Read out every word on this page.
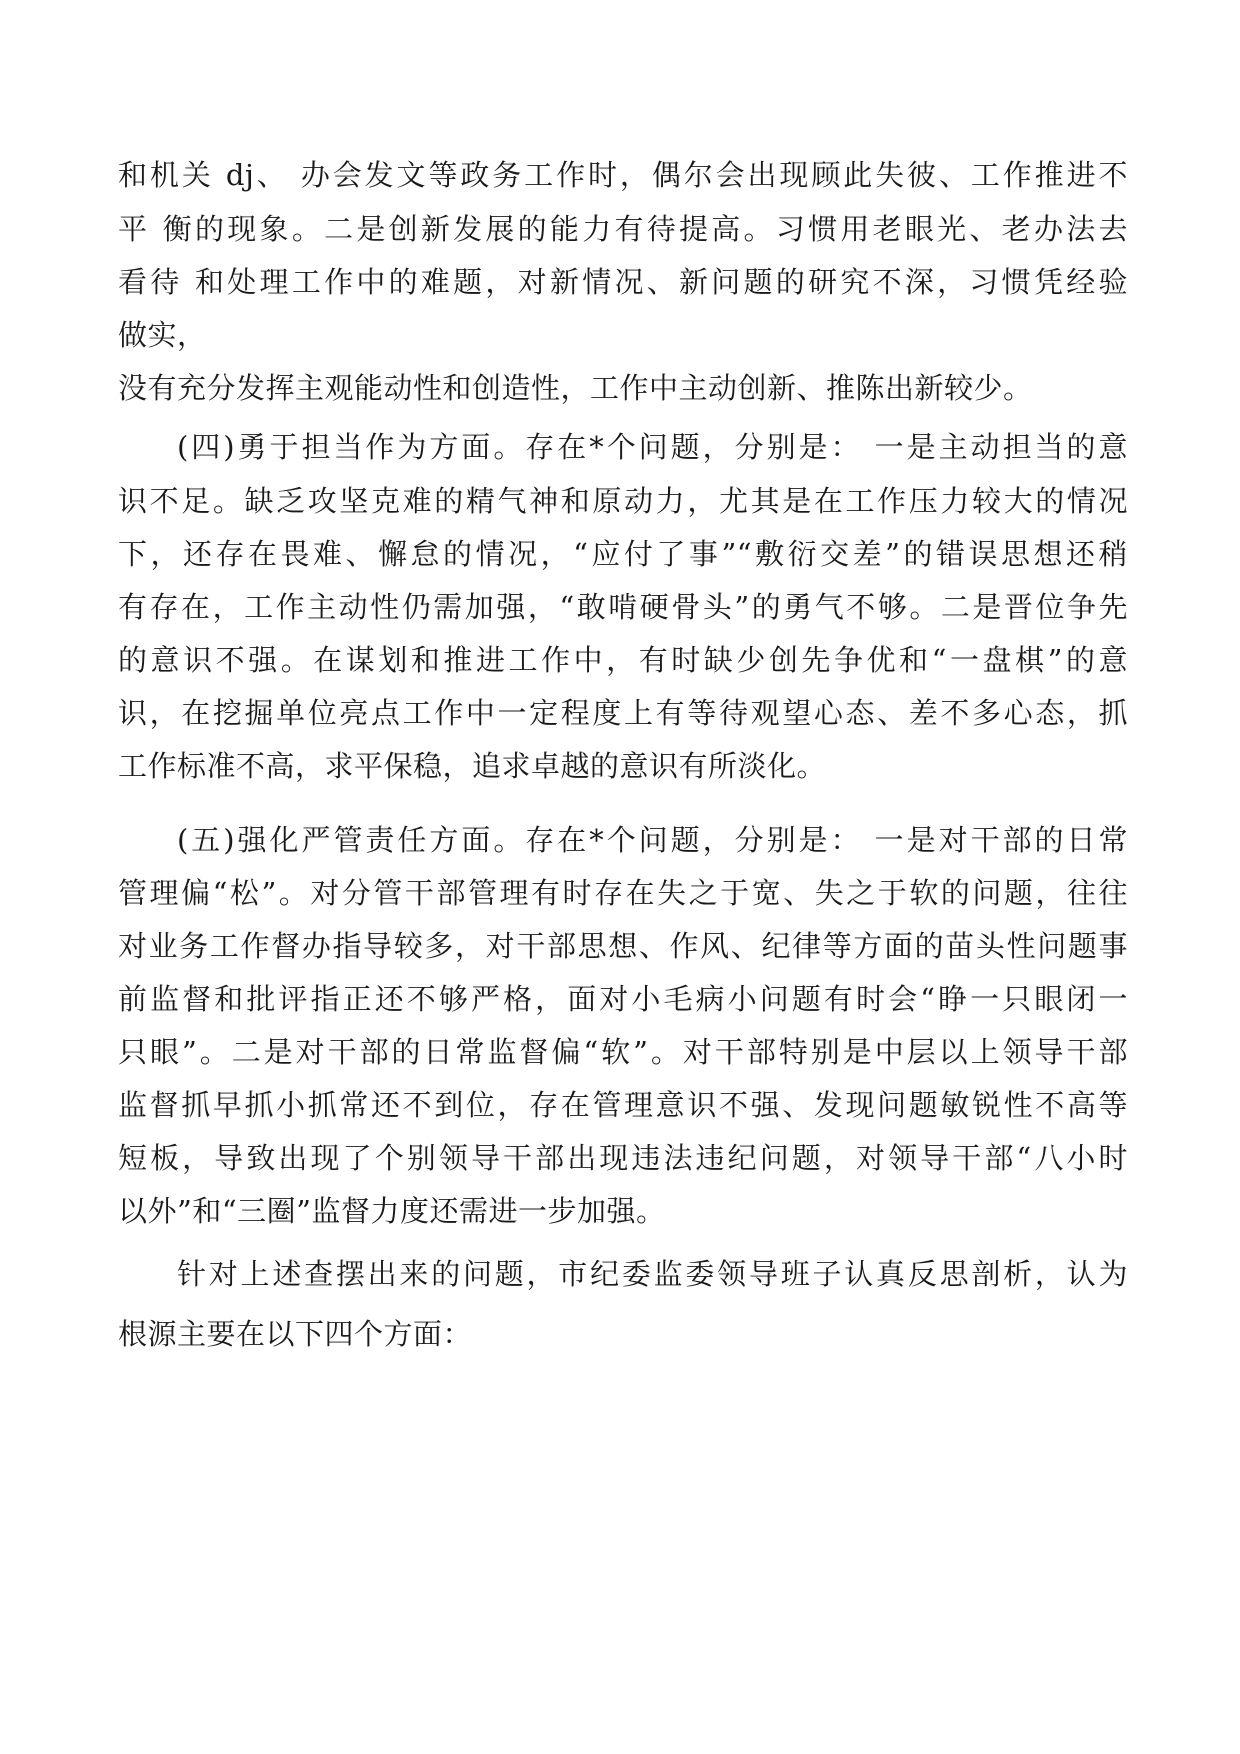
和机关 dj、 办会发文等政务工作时，偶尔会出现顾此失彼、工作推进不
平 衡的现象。二是创新发展的能力有待提高。习惯用老眼光、老办法去
看待 和处理工作中的难题，对新情况、新问题的研究不深，习惯凭经验
做实，
没有充分发挥主观能动性和创造性，工作中主动创新、推陈出新较少。
(四)勇于担当作为方面。存在*个问题，分别是： 一是主动担当的意
识不足。缺乏攻坚克难的精气神和原动力，尤其是在工作压力较大的情况
下，还存在畏难、懈怠的情况，“应付了事”“敷衍交差”的错误思想还稍
有存在，工作主动性仍需加强，“敢啃硬骨头”的勇气不够。二是晋位争先
的意识不强。在谋划和推进工作中，有时缺少创先争优和“一盘棋”的意
识，在挖掘单位亮点工作中一定程度上有等待观望心态、差不多心态，抓
工作标准不高，求平保稳，追求卓越的意识有所淡化。
(五)强化严管责任方面。存在*个问题，分别是： 一是对干部的日常
管理偏“松”。对分管干部管理有时存在失之于宽、失之于软的问题，往往
对业务工作督办指导较多，对干部思想、作风、纪律等方面的苗头性问题事
前监督和批评指正还不够严格，面对小毛病小问题有时会“睁一只眼闭一
只眼”。二是对干部的日常监督偏“软”。对干部特别是中层以上领导干部
监督抓早抓小抓常还不到位，存在管理意识不强、发现问题敏锐性不高等
短板，导致出现了个别领导干部出现违法违纪问题，对领导干部“八小时
以外”和“三圈”监督力度还需进一步加强。
针对上述查摆出来的问题，市纪委监委领导班子认真反思剖析，认为
根源主要在以下四个方面：
